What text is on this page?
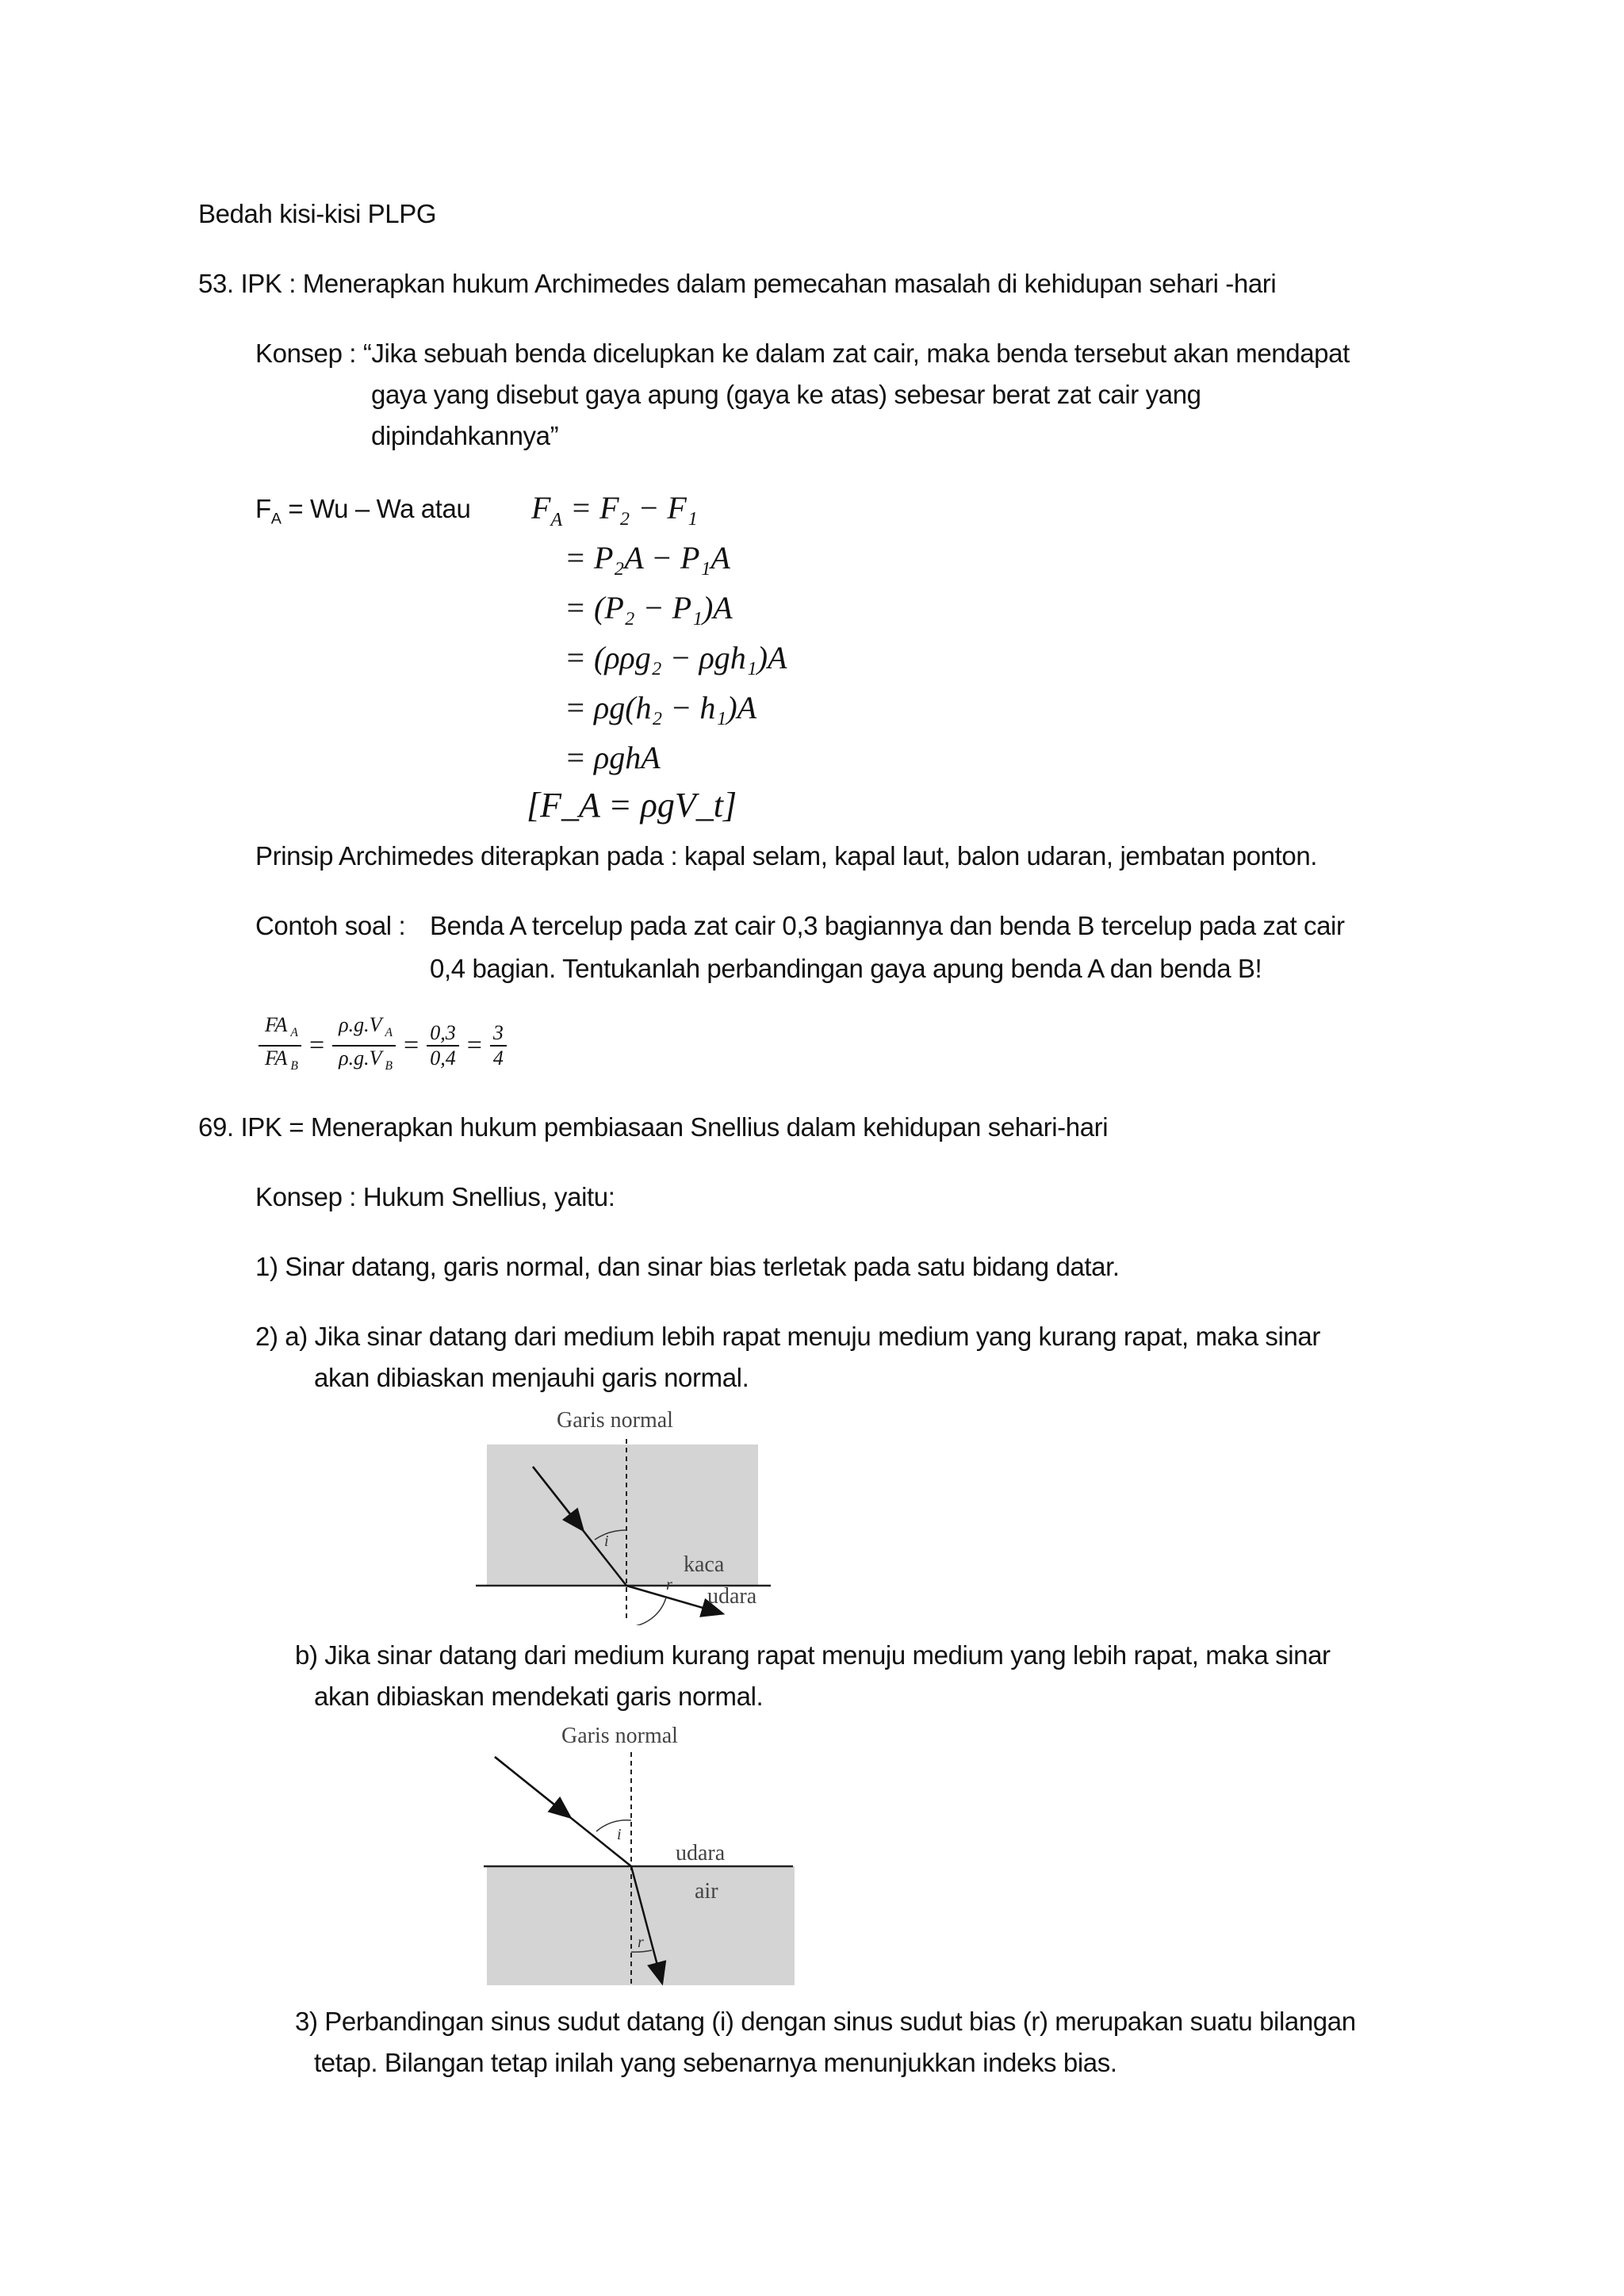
Bedah kisi-kisi PLPG
53. IPK : Menerapkan hukum Archimedes dalam pemecahan masalah di kehidupan sehari -hari
Konsep : “Jika sebuah benda dicelupkan ke dalam zat cair, maka benda tersebut akan mendapat
gaya yang disebut gaya apung (gaya ke atas) sebesar berat zat cair yang
dipindahkannya”
$F_A = Wu - Wa$ atau $F_A = F_2 - F_1$
= P₂A − P₁A
= (P₂ − P₁)A
= (ρρg₂ − ρgh₁)A
= ρg(h₂ − h₁)A
= ρghA
[F_A = ρgV_t]
Prinsip Archimedes diterapkan pada : kapal selam, kapal laut, balon udaran, jembatan ponton.
Contoh soal : Benda A tercelup pada zat cair 0,3 bagiannya dan benda B tercelup pada zat cair
0,4 bagian. Tentukanlah perbandingan gaya apung benda A dan benda B!
FA $_A$
FA $_B$
= $\frac{\rho.g.V _A}{\rho.g.V _B} = \frac{0,3}{0,4} = \frac{3}{4}$
69. IPK = Menerapkan hukum pembiasaan Snellius dalam kehidupan sehari-hari
Konsep : Hukum Snellius, yaitu:
1) Sinar datang, garis normal, dan sinar bias terletak pada satu bidang datar.
2) a) Jika sinar datang dari medium lebih rapat menuju medium yang kurang rapat, maka sinar
akan dibiaskan menjauhi garis normal.
Garis normal
i
r
kaca
udara
b) Jika sinar datang dari medium kurang rapat menuju medium yang lebih rapat, maka sinar
akan dibiaskan mendekati garis normal.
Garis normal
i
r
udara
air
3) Perbandingan sinus sudut datang (i) dengan sinus sudut bias (r) merupakan suatu bilangan
tetap. Bilangan tetap inilah yang sebenarnya menunjukkan indeks bias.
